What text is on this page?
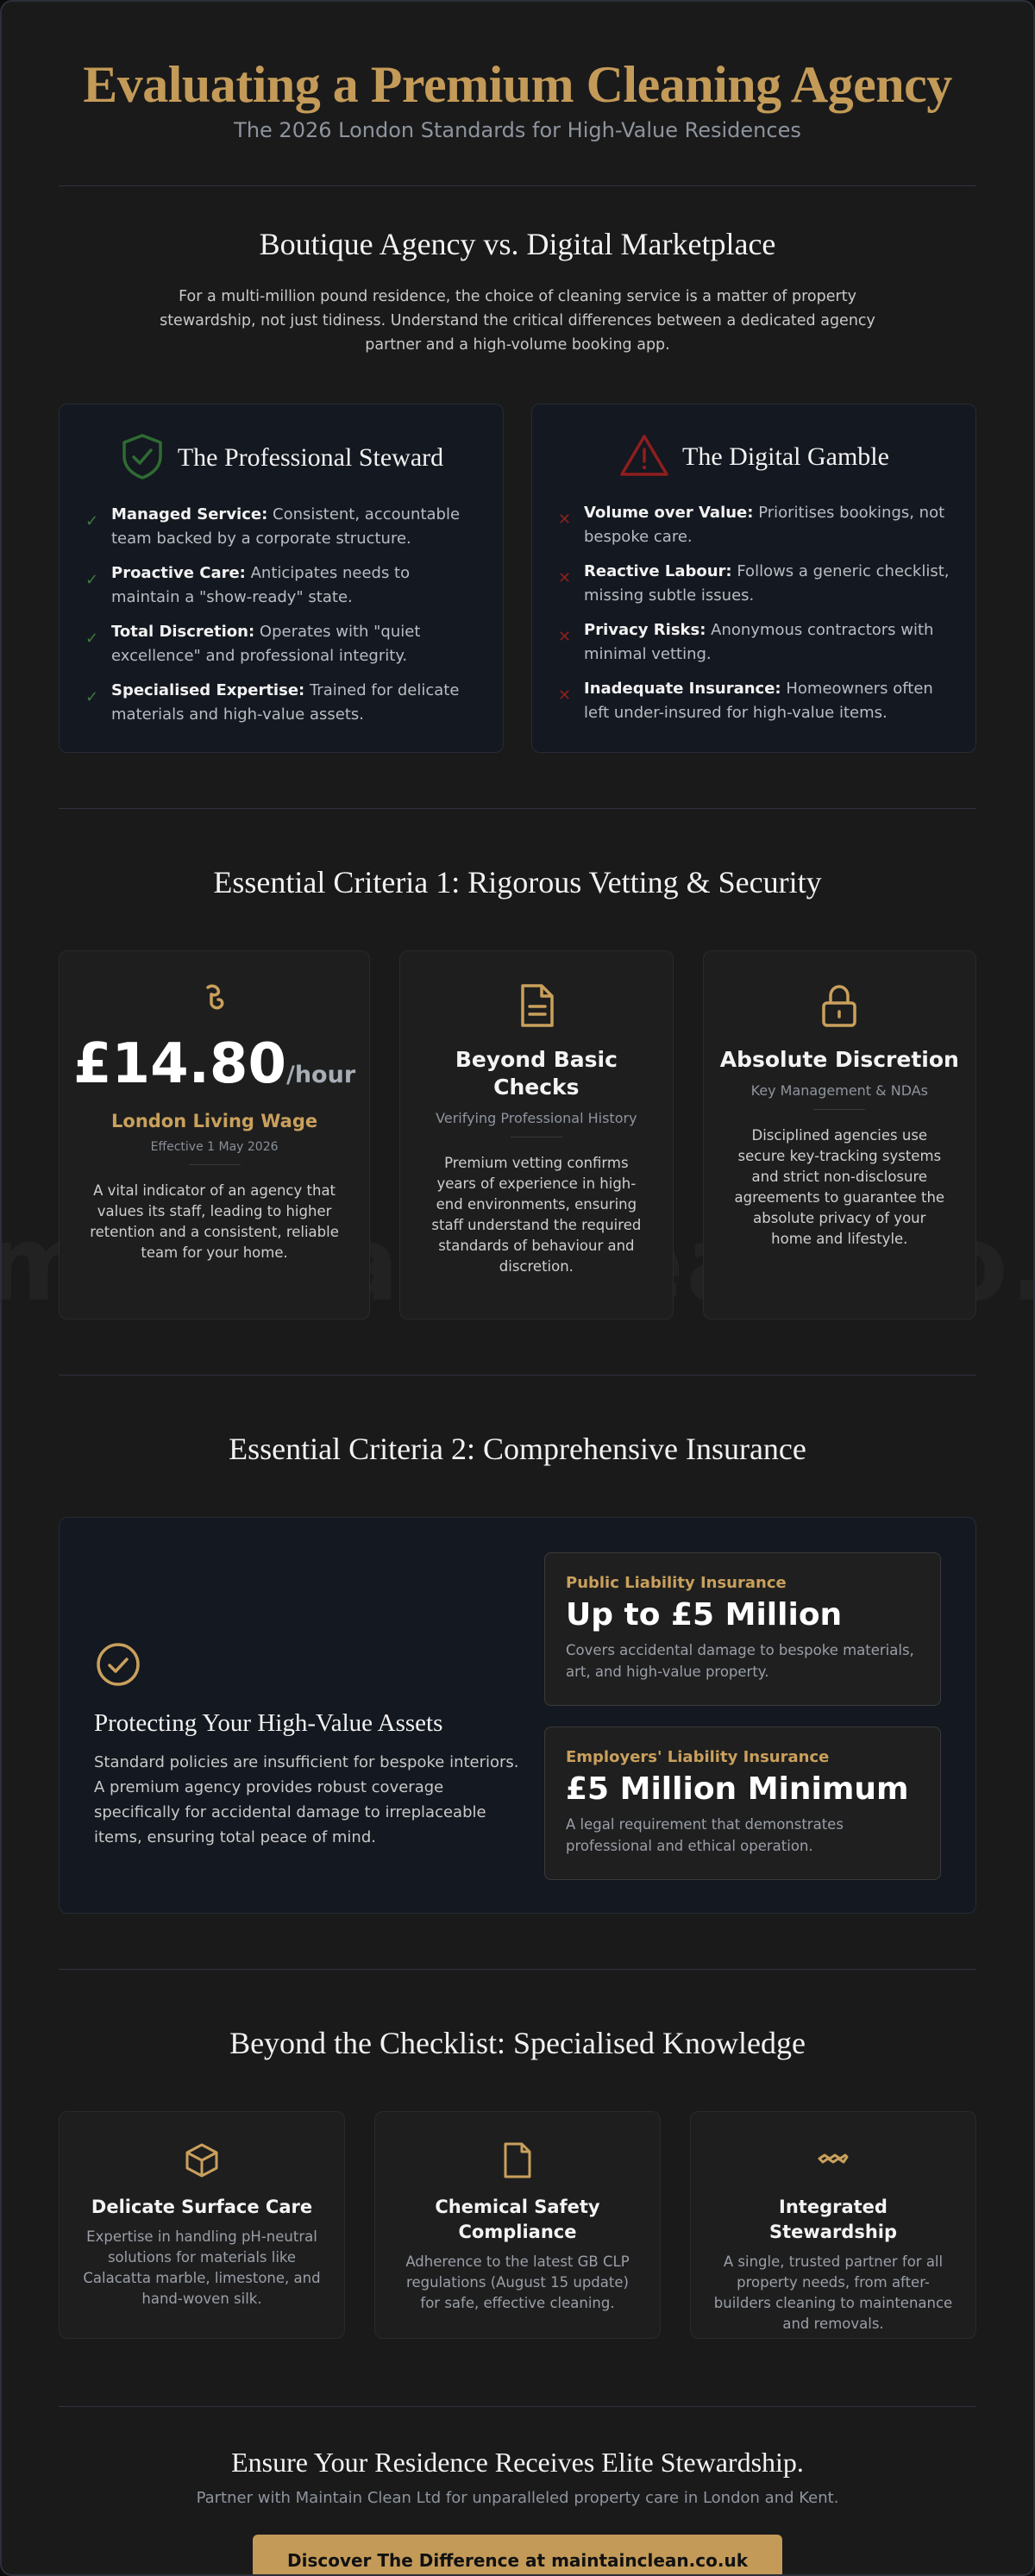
Evaluating a Premium Cleaning Agency
The 2026 London Standards for High-Value Residences
Boutique Agency vs. Digital Marketplace

For a multi-million pound residence, the choice of cleaning service is a matter of property stewardship, not just tidiness. Understand the critical differences between a dedicated agency partner and a high-volume booking app.

The Professional Steward
✓ Managed Service: Consistent, accountable team backed by a corporate structure.
✓ Proactive Care: Anticipates needs to maintain a "show-ready" state.
✓ Total Discretion: Operates with "quiet excellence" and professional integrity.
✓ Specialised Expertise: Trained for delicate materials and high-value assets.
The Digital Gamble
✕ Volume over Value: Prioritises bookings, not bespoke care.
✕ Reactive Labour: Follows a generic checklist, missing subtle issues.
✕ Privacy Risks: Anonymous contractors with minimal vetting.
✕ Inadequate Insurance: Homeowners often left under-insured for high-value items.
Essential Criteria 1: Rigorous Vetting & Security
£14.80/hour
London Living Wage
Effective 1 May 2026

A vital indicator of an agency that values its staff, leading to higher retention and a consistent, reliable team for your home.

Beyond Basic Checks
Verifying Professional History

Premium vetting confirms years of experience in high-end environments, ensuring staff understand the required standards of behaviour and discretion.

Absolute Discretion
Key Management & NDAs

Disciplined agencies use secure key-tracking systems and strict non-disclosure agreements to guarantee the absolute privacy of your home and lifestyle.

Essential Criteria 2: Comprehensive Insurance
Protecting Your High-Value Assets

Standard policies are insufficient for bespoke interiors. A premium agency provides robust coverage specifically for accidental damage to irreplaceable items, ensuring total peace of mind.

Public Liability Insurance
Up to £5 Million
Covers accidental damage to bespoke materials, art, and high-value property.
Employers' Liability Insurance
£5 Million Minimum
A legal requirement that demonstrates professional and ethical operation.
Beyond the Checklist: Specialised Knowledge
Delicate Surface Care

Expertise in handling pH-neutral solutions for materials like Calacatta marble, limestone, and hand-woven silk.

Chemical Safety Compliance

Adherence to the latest GB CLP regulations (August 15 update) for safe, effective cleaning.

Integrated Stewardship

A single, trusted partner for all property needs, from after-builders cleaning to maintenance and removals.

Ensure Your Residence Receives Elite Stewardship.

Partner with Maintain Clean Ltd for unparalleled property care in London and Kent.

Discover The Difference at maintainclean.co.uk
